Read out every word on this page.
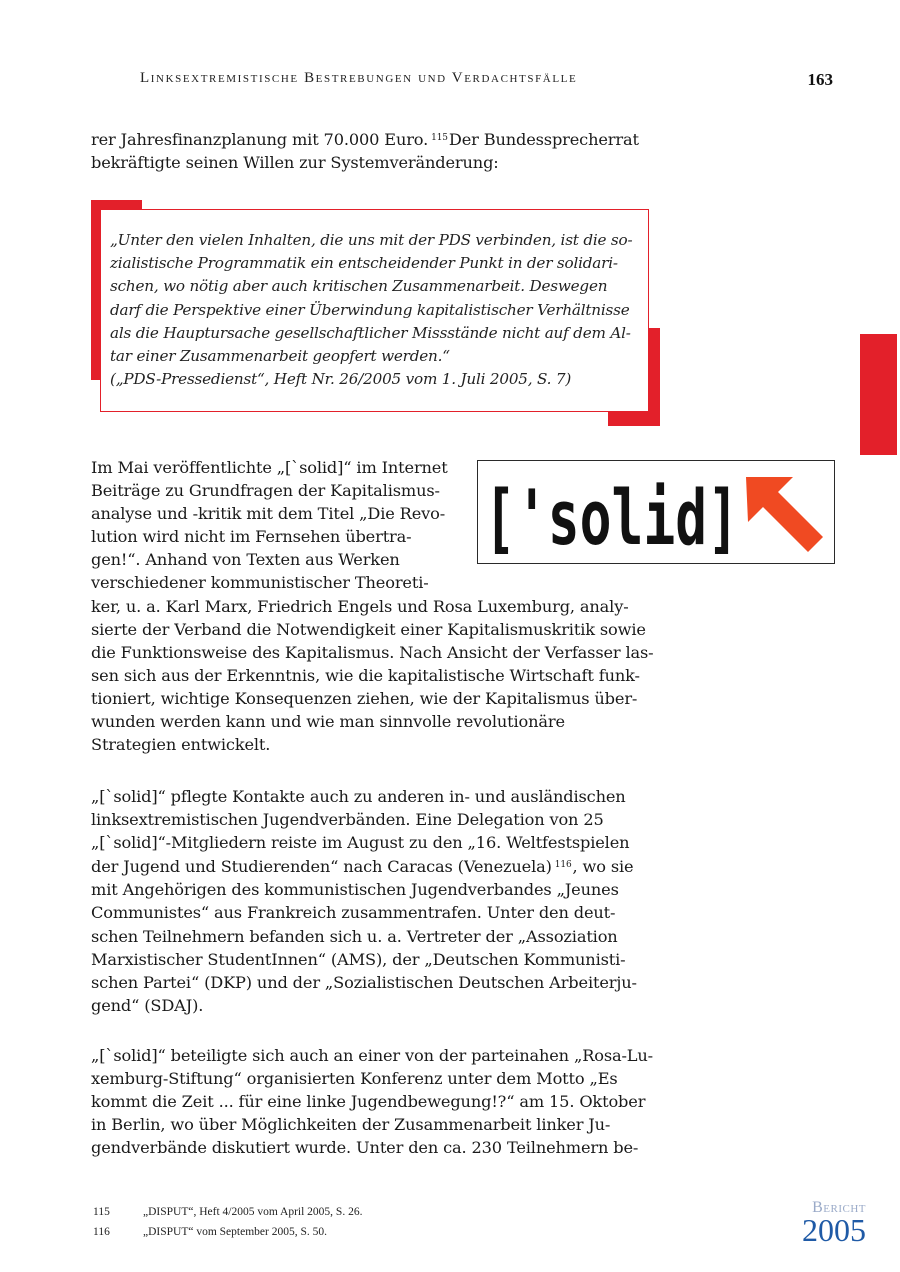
Linksextremistische Bestrebungen und Verdachtsfälle	163
rer Jahresfinanzplanung mit 70.000 Euro. $^{115}$Der Bundessprecherrat
bekräftigte seinen Willen zur Systemveränderung:
„Unter den vielen Inhalten, die uns mit der PDS verbinden, ist die so-
zialistische Programmatik ein entscheidender Punkt in der solidari-
schen, wo nötig aber auch kritischen Zusammenarbeit. Deswegen
darf die Perspektive einer Überwindung kapitalistischer Verhältnisse
als die Hauptursache gesellschaftlicher Missstände nicht auf dem Al-
tar einer Zusammenarbeit geopfert werden.“
(„PDS-Pressedienst“, Heft Nr. 26/2005 vom 1. Juli 2005, S. 7)
['solid]
Im Mai veröffentlichte „[`solid]“ im Internet
Beiträge zu Grundfragen der Kapitalismus-
analyse und -kritik mit dem Titel „Die Revo-
lution wird nicht im Fernsehen übertra-
gen!“. Anhand von Texten aus Werken
verschiedener kommunistischer Theoreti-
ker, u. a. Karl Marx, Friedrich Engels und Rosa Luxemburg, analy-
sierte der Verband die Notwendigkeit einer Kapitalismuskritik sowie
die Funktionsweise des Kapitalismus. Nach Ansicht der Verfasser las-
sen sich aus der Erkenntnis, wie die kapitalistische Wirtschaft funk-
tioniert, wichtige Konsequenzen ziehen, wie der Kapitalismus über-
wunden werden kann und wie man sinnvolle revolutionäre
Strategien entwickelt.
„[`solid]“ pflegte Kontakte auch zu anderen in- und ausländischen
linksextremistischen Jugendverbänden. Eine Delegation von 25
„[`solid]“-Mitgliedern reiste im August zu den „16. Weltfestspielen
der Jugend und Studierenden“ nach Caracas (Venezuela) $^{116}$, wo sie
mit Angehörigen des kommunistischen Jugendverbandes „Jeunes
Communistes“ aus Frankreich zusammentrafen. Unter den deut-
schen Teilnehmern befanden sich u. a. Vertreter der „Assoziation
Marxistischer StudentInnen“ (AMS), der „Deutschen Kommunisti-
schen Partei“ (DKP) und der „Sozialistischen Deutschen Arbeiterju-
gend“ (SDAJ).
„[`solid]“ beteiligte sich auch an einer von der parteinahen „Rosa-Lu-
xemburg-Stiftung“ organisierten Konferenz unter dem Motto „Es
kommt die Zeit ... für eine linke Jugendbewegung!?“ am 15. Oktober
in Berlin, wo über Möglichkeiten der Zusammenarbeit linker Ju-
gendverbände diskutiert wurde. Unter den ca. 230 Teilnehmern be-
115	„DISPUT“, Heft 4/2005 vom April 2005, S. 26.
116	„DISPUT“ vom September 2005, S. 50.
Bericht
2005
